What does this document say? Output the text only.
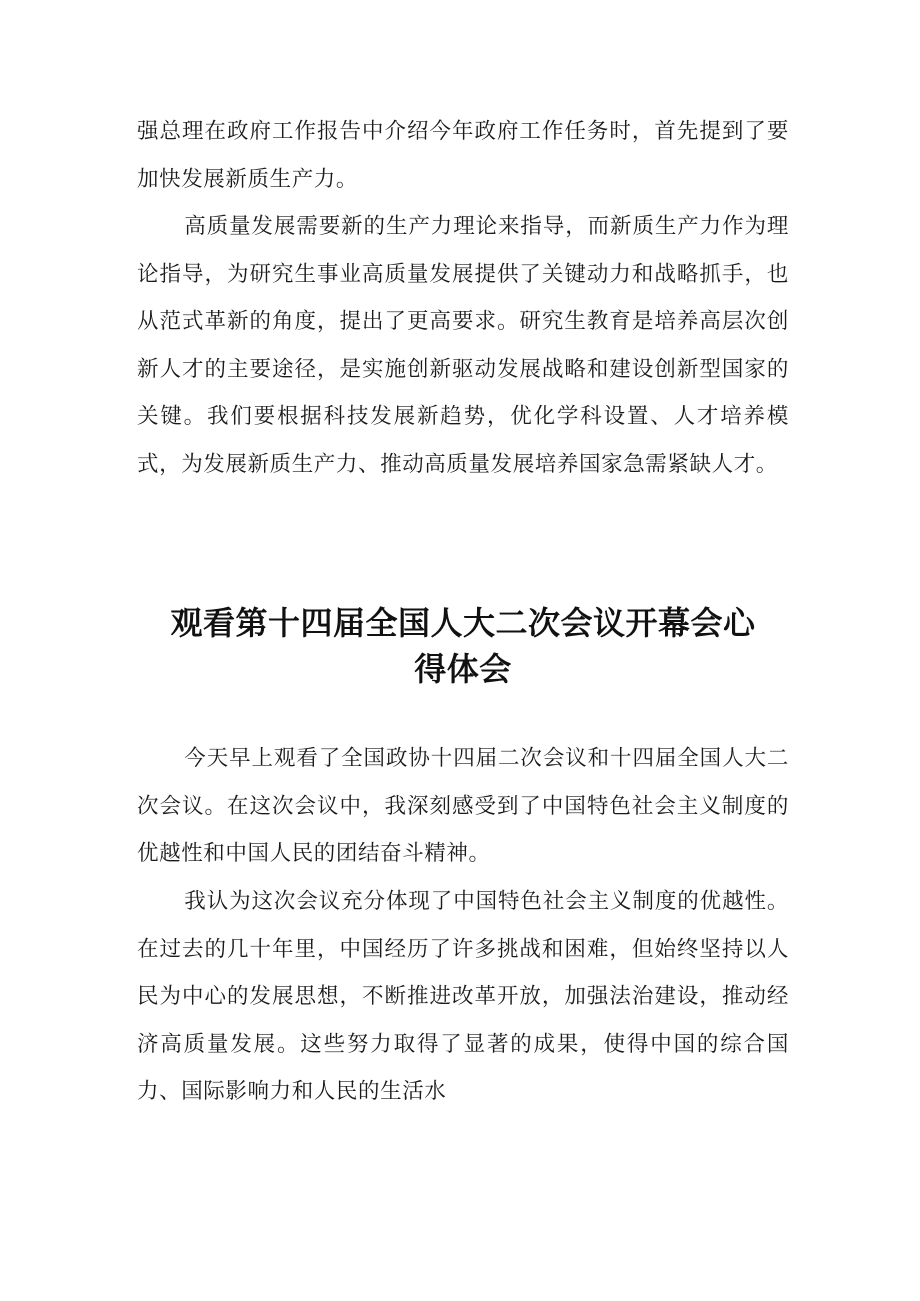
强总理在政府工作报告中介绍今年政府工作任务时，首先提到了要加快发展新质生产力。

高质量发展需要新的生产力理论来指导，而新质生产力作为理论指导，为研究生事业高质量发展提供了关键动力和战略抓手，也从范式革新的角度，提出了更高要求。研究生教育是培养高层次创新人才的主要途径，是实施创新驱动发展战略和建设创新型国家的关键。我们要根据科技发展新趋势，优化学科设置、人才培养模式，为发展新质生产力、推动高质量发展培养国家急需紧缺人才。

观看第十四届全国人大二次会议开幕会心
得体会

今天早上观看了全国政协十四届二次会议和十四届全国人大二次会议。在这次会议中，我深刻感受到了中国特色社会主义制度的优越性和中国人民的团结奋斗精神。

我认为这次会议充分体现了中国特色社会主义制度的优越性。在过去的几十年里，中国经历了许多挑战和困难，但始终坚持以人民为中心的发展思想，不断推进改革开放，加强法治建设，推动经济高质量发展。这些努力取得了显著的成果，使得中国的综合国力、国际影响力和人民的生活水
